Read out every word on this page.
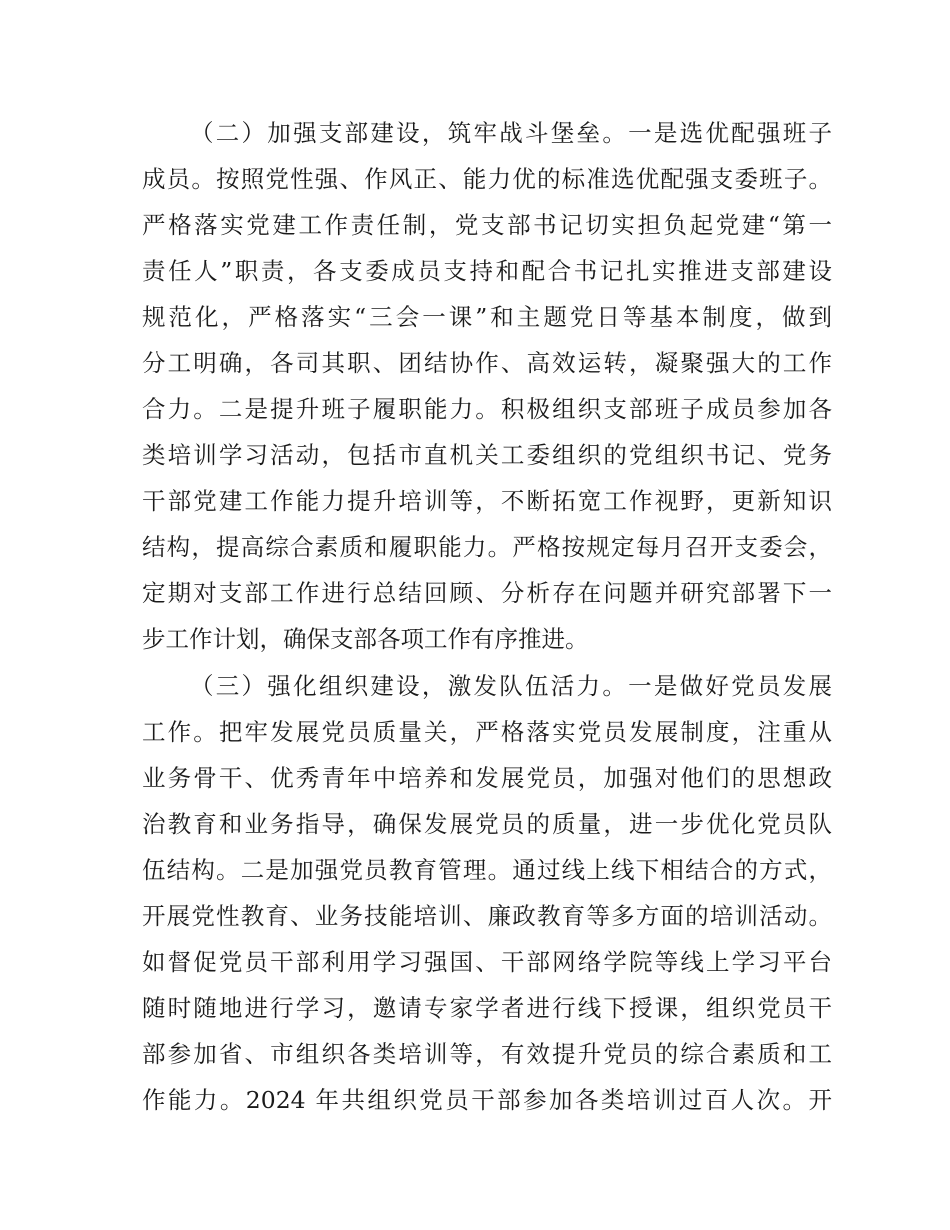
（二）加强支部建设，筑牢战斗堡垒。一是选优配强班子
成员。按照党性强、作风正、能力优的标准选优配强支委班子。
严格落实党建工作责任制，党支部书记切实担负起党建“第一
责任人”职责，各支委成员支持和配合书记扎实推进支部建设
规范化，严格落实“三会一课”和主题党日等基本制度，做到
分工明确，各司其职、团结协作、高效运转，凝聚强大的工作
合力。二是提升班子履职能力。积极组织支部班子成员参加各
类培训学习活动，包括市直机关工委组织的党组织书记、党务
干部党建工作能力提升培训等，不断拓宽工作视野，更新知识
结构，提高综合素质和履职能力。严格按规定每月召开支委会，
定期对支部工作进行总结回顾、分析存在问题并研究部署下一
步工作计划，确保支部各项工作有序推进。
（三）强化组织建设，激发队伍活力。一是做好党员发展
工作。把牢发展党员质量关，严格落实党员发展制度，注重从
业务骨干、优秀青年中培养和发展党员，加强对他们的思想政
治教育和业务指导，确保发展党员的质量，进一步优化党员队
伍结构。二是加强党员教育管理。通过线上线下相结合的方式，
开展党性教育、业务技能培训、廉政教育等多方面的培训活动。
如督促党员干部利用学习强国、干部网络学院等线上学习平台
随时随地进行学习，邀请专家学者进行线下授课，组织党员干
部参加省、市组织各类培训等，有效提升党员的综合素质和工
作能力。2024 年共组织党员干部参加各类培训过百人次。开
